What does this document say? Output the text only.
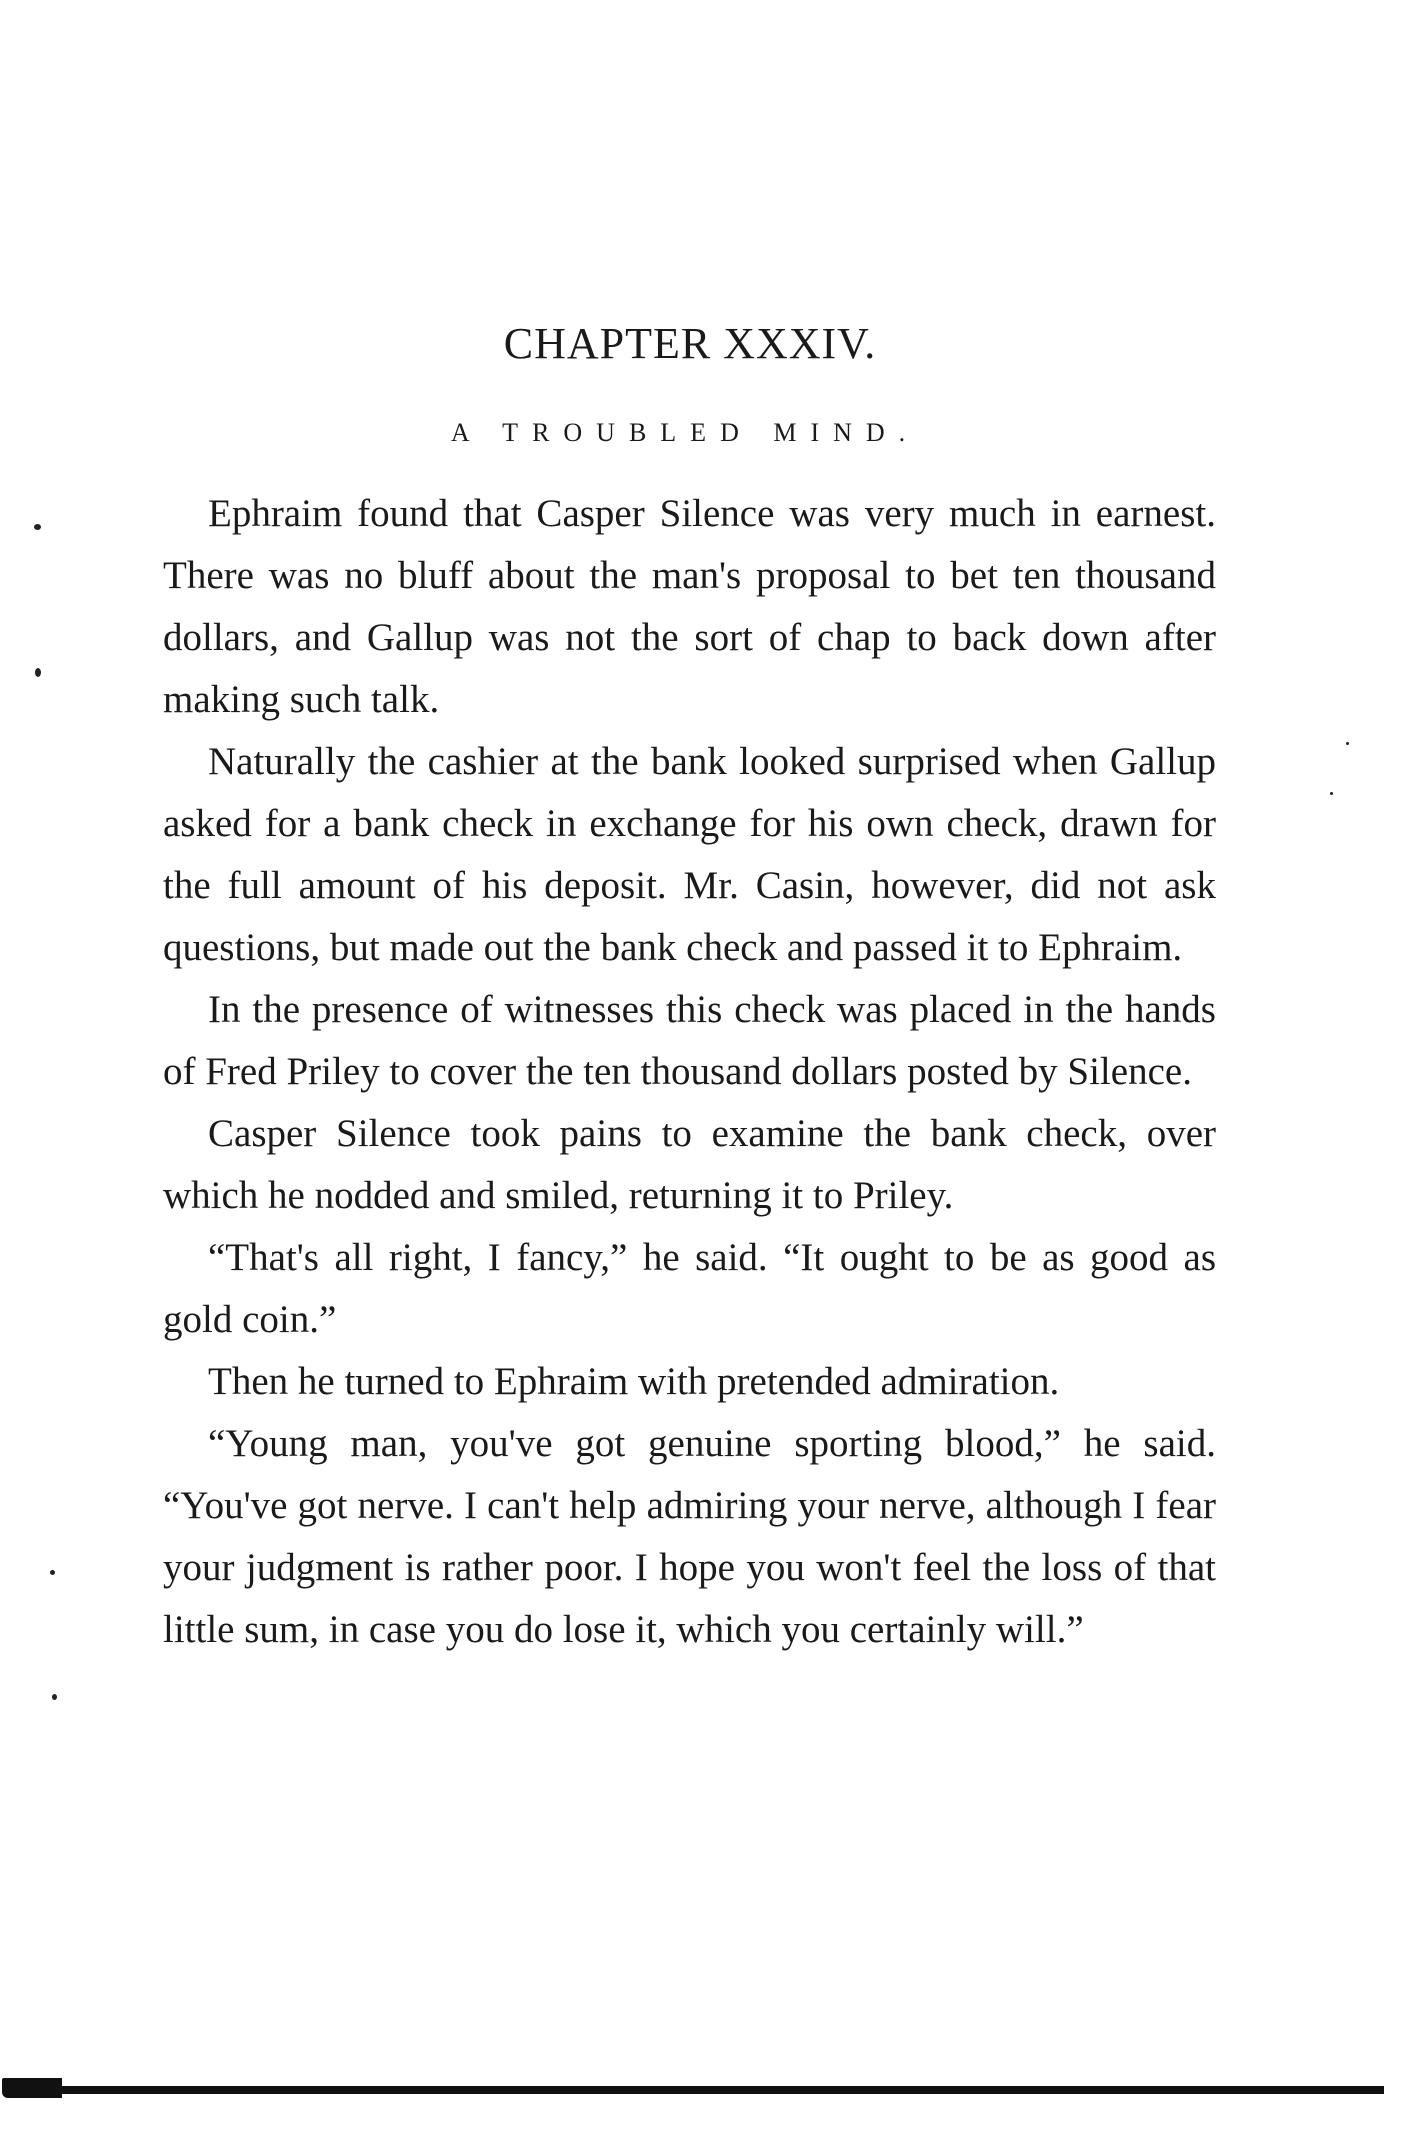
CHAPTER XXXIV.
A TROUBLED MIND.

Ephraim found that Casper Silence was very much in earnest. There was no bluff about the man's proposal to bet ten thousand dollars, and Gallup was not the sort of chap to back down after making such talk.

Naturally the cashier at the bank looked surprised when Gallup asked for a bank check in exchange for his own check, drawn for the full amount of his deposit. Mr. Casin, however, did not ask questions, but made out the bank check and passed it to Ephraim.

In the presence of witnesses this check was placed in the hands of Fred Priley to cover the ten thousand dollars posted by Silence.

Casper Silence took pains to examine the bank check, over which he nodded and smiled, returning it to Priley.

“That's all right, I fancy,” he said. “It ought to be as good as gold coin.”

Then he turned to Ephraim with pretended admiration.

“Young man, you've got genuine sporting blood,” he said. “You've got nerve. I can't help admiring your nerve, although I fear your judgment is rather poor. I hope you won't feel the loss of that little sum, in case you do lose it, which you certainly will.”
